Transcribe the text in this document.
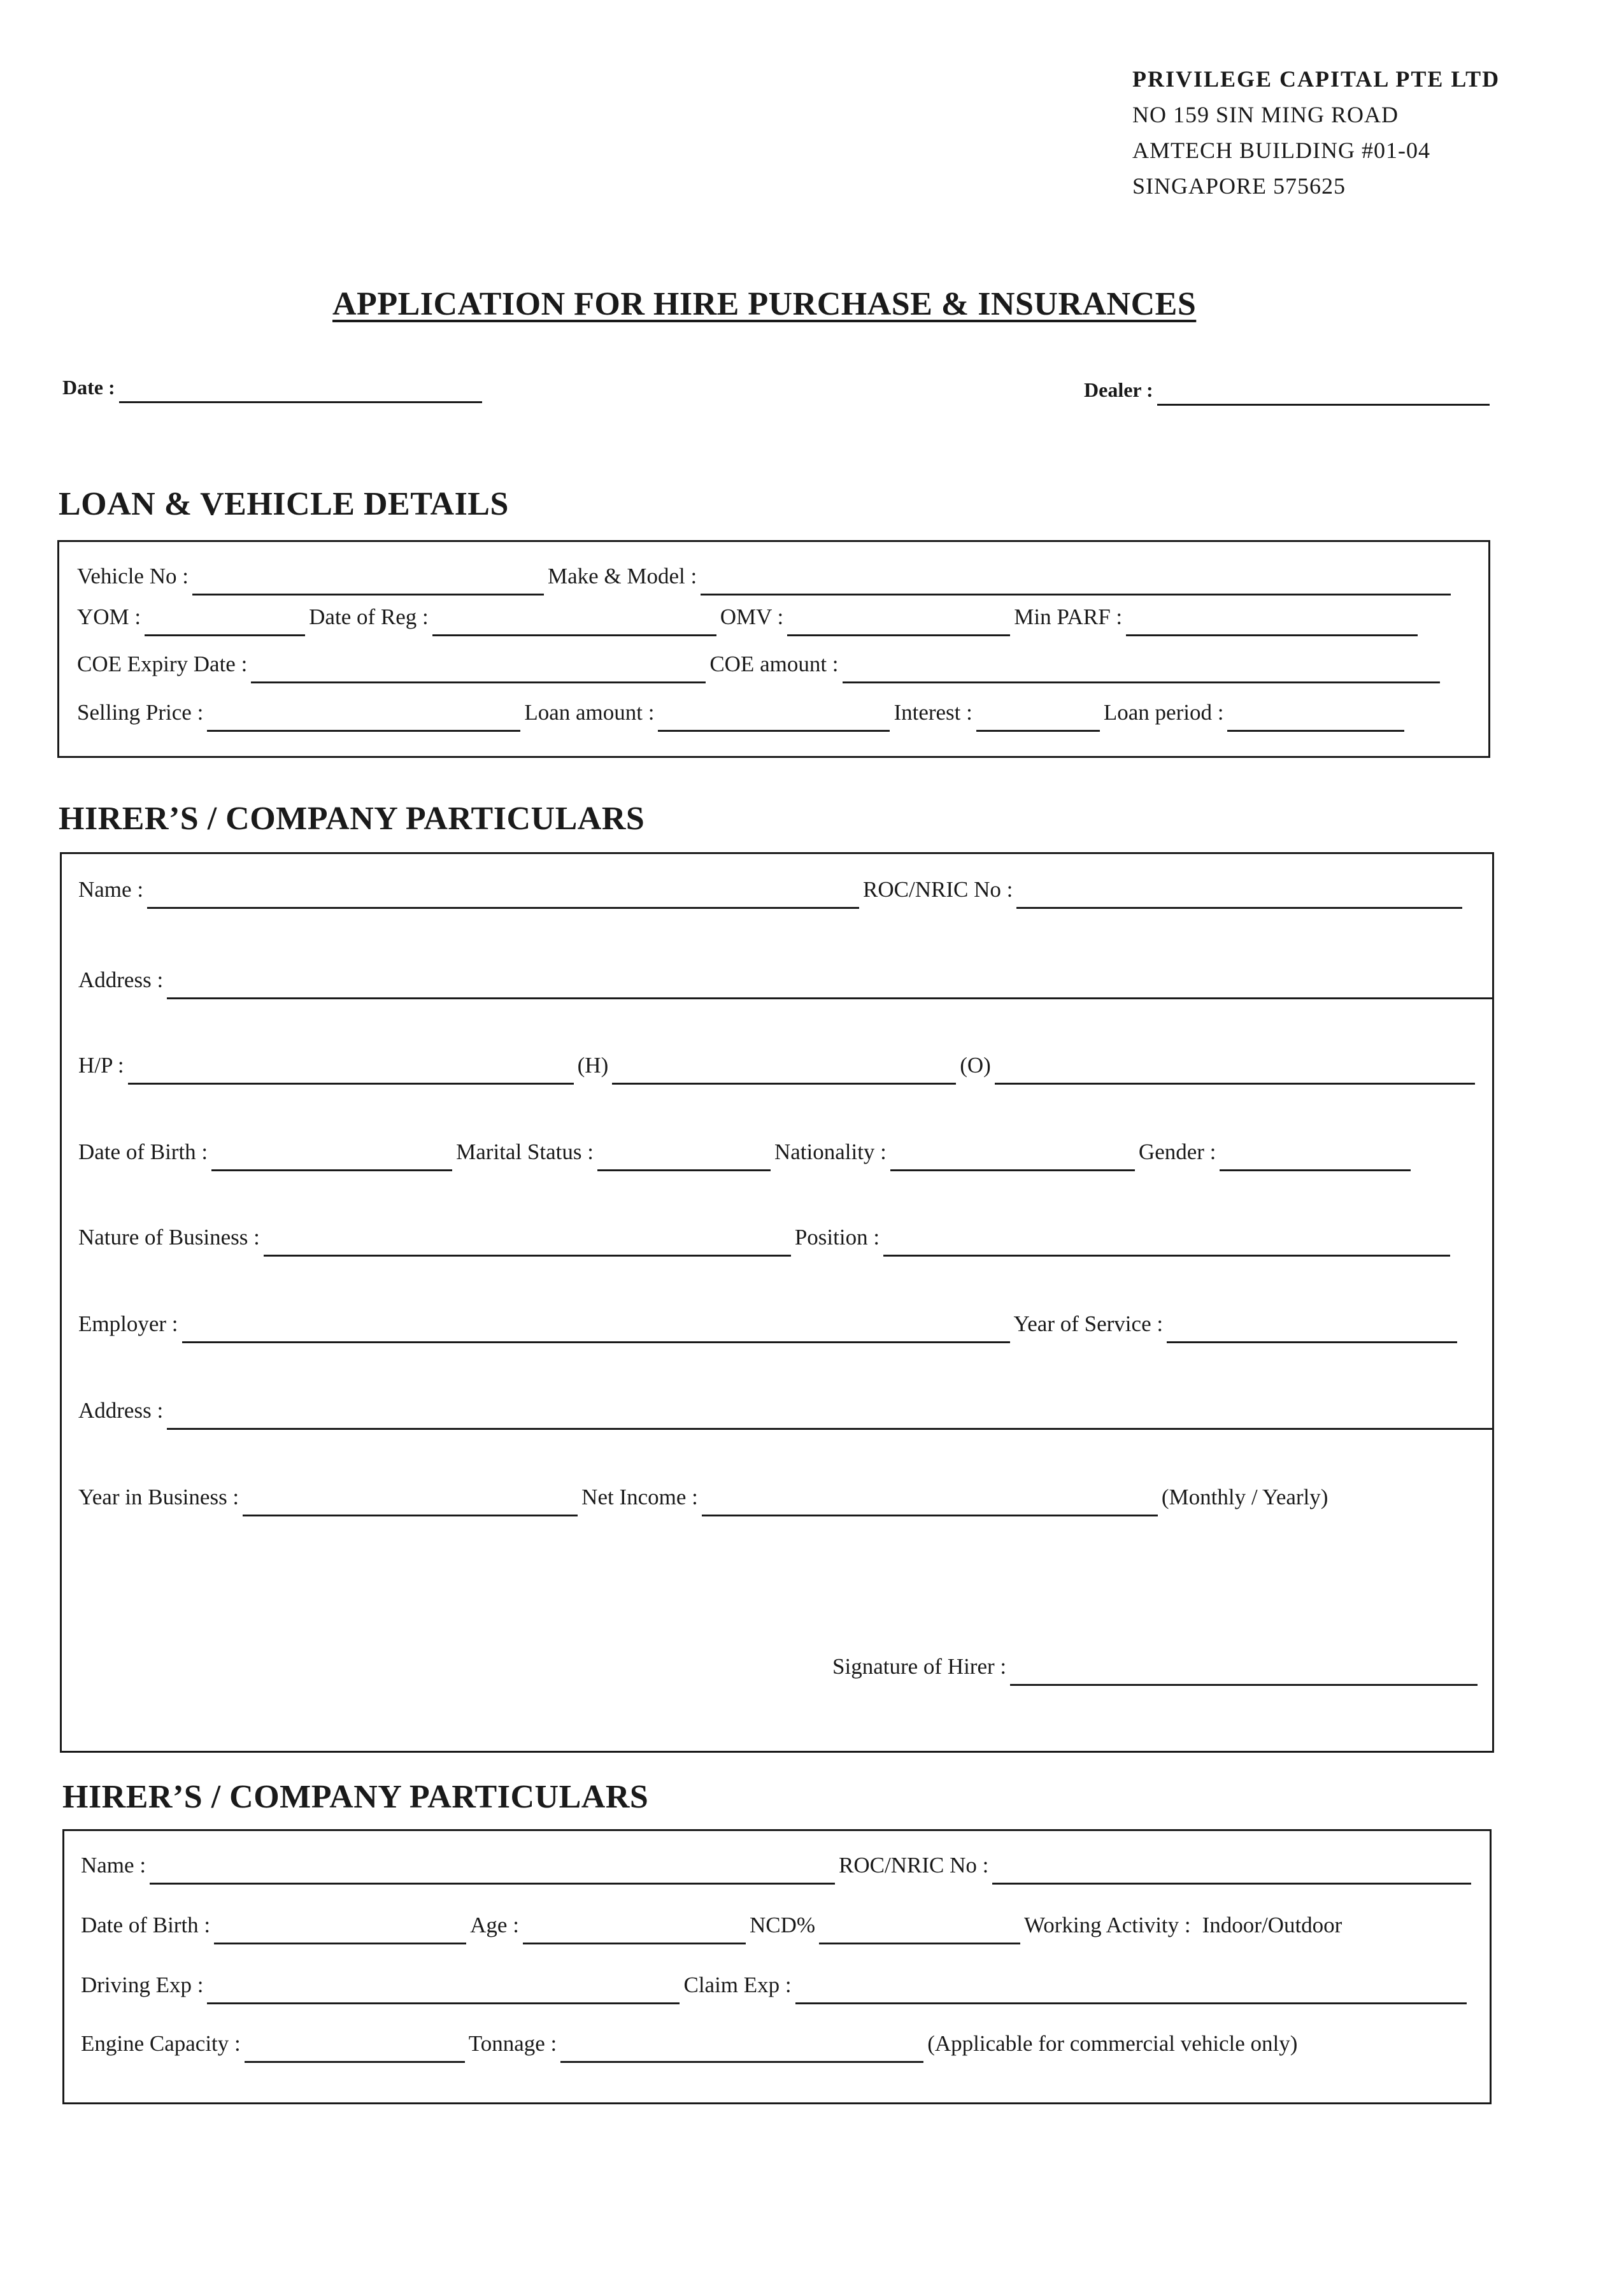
PRIVILEGE CAPITAL PTE LTD
NO 159 SIN MING ROAD
AMTECH BUILDING #01-04
SINGAPORE 575625
APPLICATION FOR HIRE PURCHASE & INSURANCES
Date :	Dealer :
LOAN & VEHICLE DETAILS
Vehicle No :	Make & Model :
YOM :	Date of Reg :	OMV :	Min PARF :
COE Expiry Date :	COE amount :
Selling Price :	Loan amount :	Interest :	Loan period :
HIRER’S / COMPANY PARTICULARS
Name :	ROC/NRIC No :
Address :
H/P :	(H)	(O)
Date of Birth :	Marital Status :	Nationality :	Gender :
Nature of Business :	Position :
Employer :	Year of Service :
Address :
Year in Business :	Net Income :	(Monthly / Yearly)
Signature of Hirer :
HIRER’S / COMPANY PARTICULARS
Name :	ROC/NRIC No :
Date of Birth :	Age :	NCD%	Working Activity : Indoor/Outdoor
Driving Exp :	Claim Exp :
Engine Capacity :	Tonnage :	(Applicable for commercial vehicle only)
